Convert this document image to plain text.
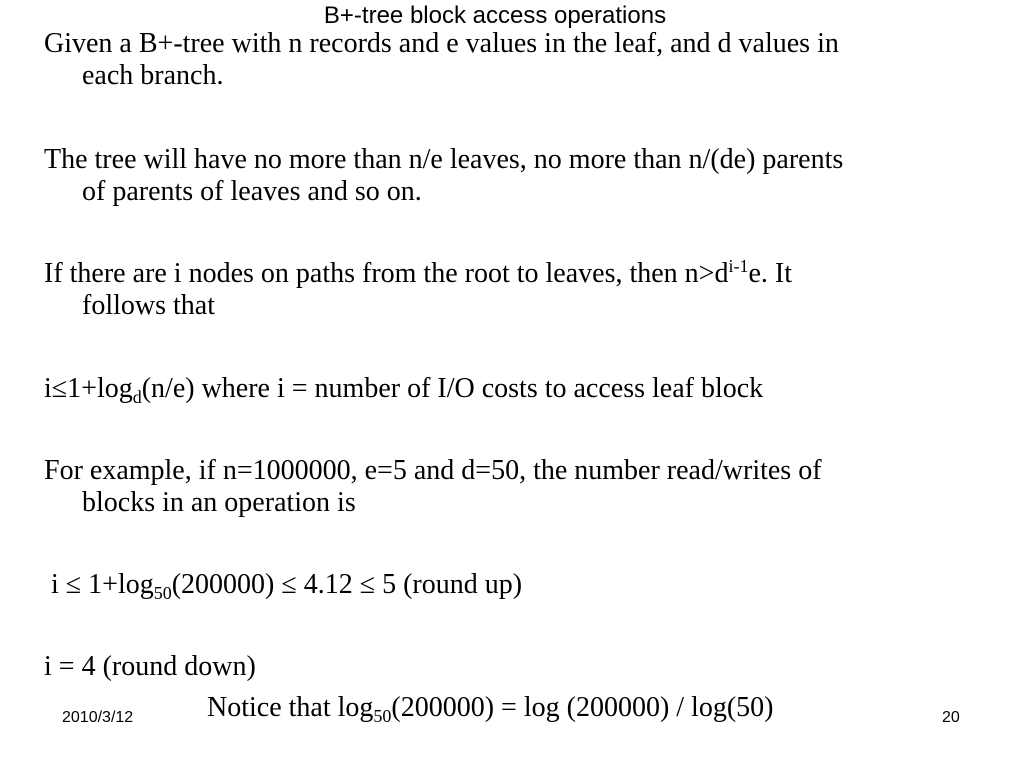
B+-tree block access operations

Given a B+-tree with n records and e values in the leaf, and d values in
each branch.

The tree will have no more than n/e leaves, no more than n/(de) parents
of parents of leaves and so on.

If there are i nodes on paths from the root to leaves, then $n>d^{i-1}e$. It
follows that

$i\le 1+\log_d(n/e)$ where i = number of I/O costs to access leaf block

For example, if n=1000000, e=5 and d=50, the number read/writes of
blocks in an operation is

$i \le 1+\log_{50}(200000) \le 4.12 \le 5$ (round up)

i = 4 (round down)

Notice that $\log_{50}(200000) = \log (200000) / \log(50)$
2010/3/12	20
